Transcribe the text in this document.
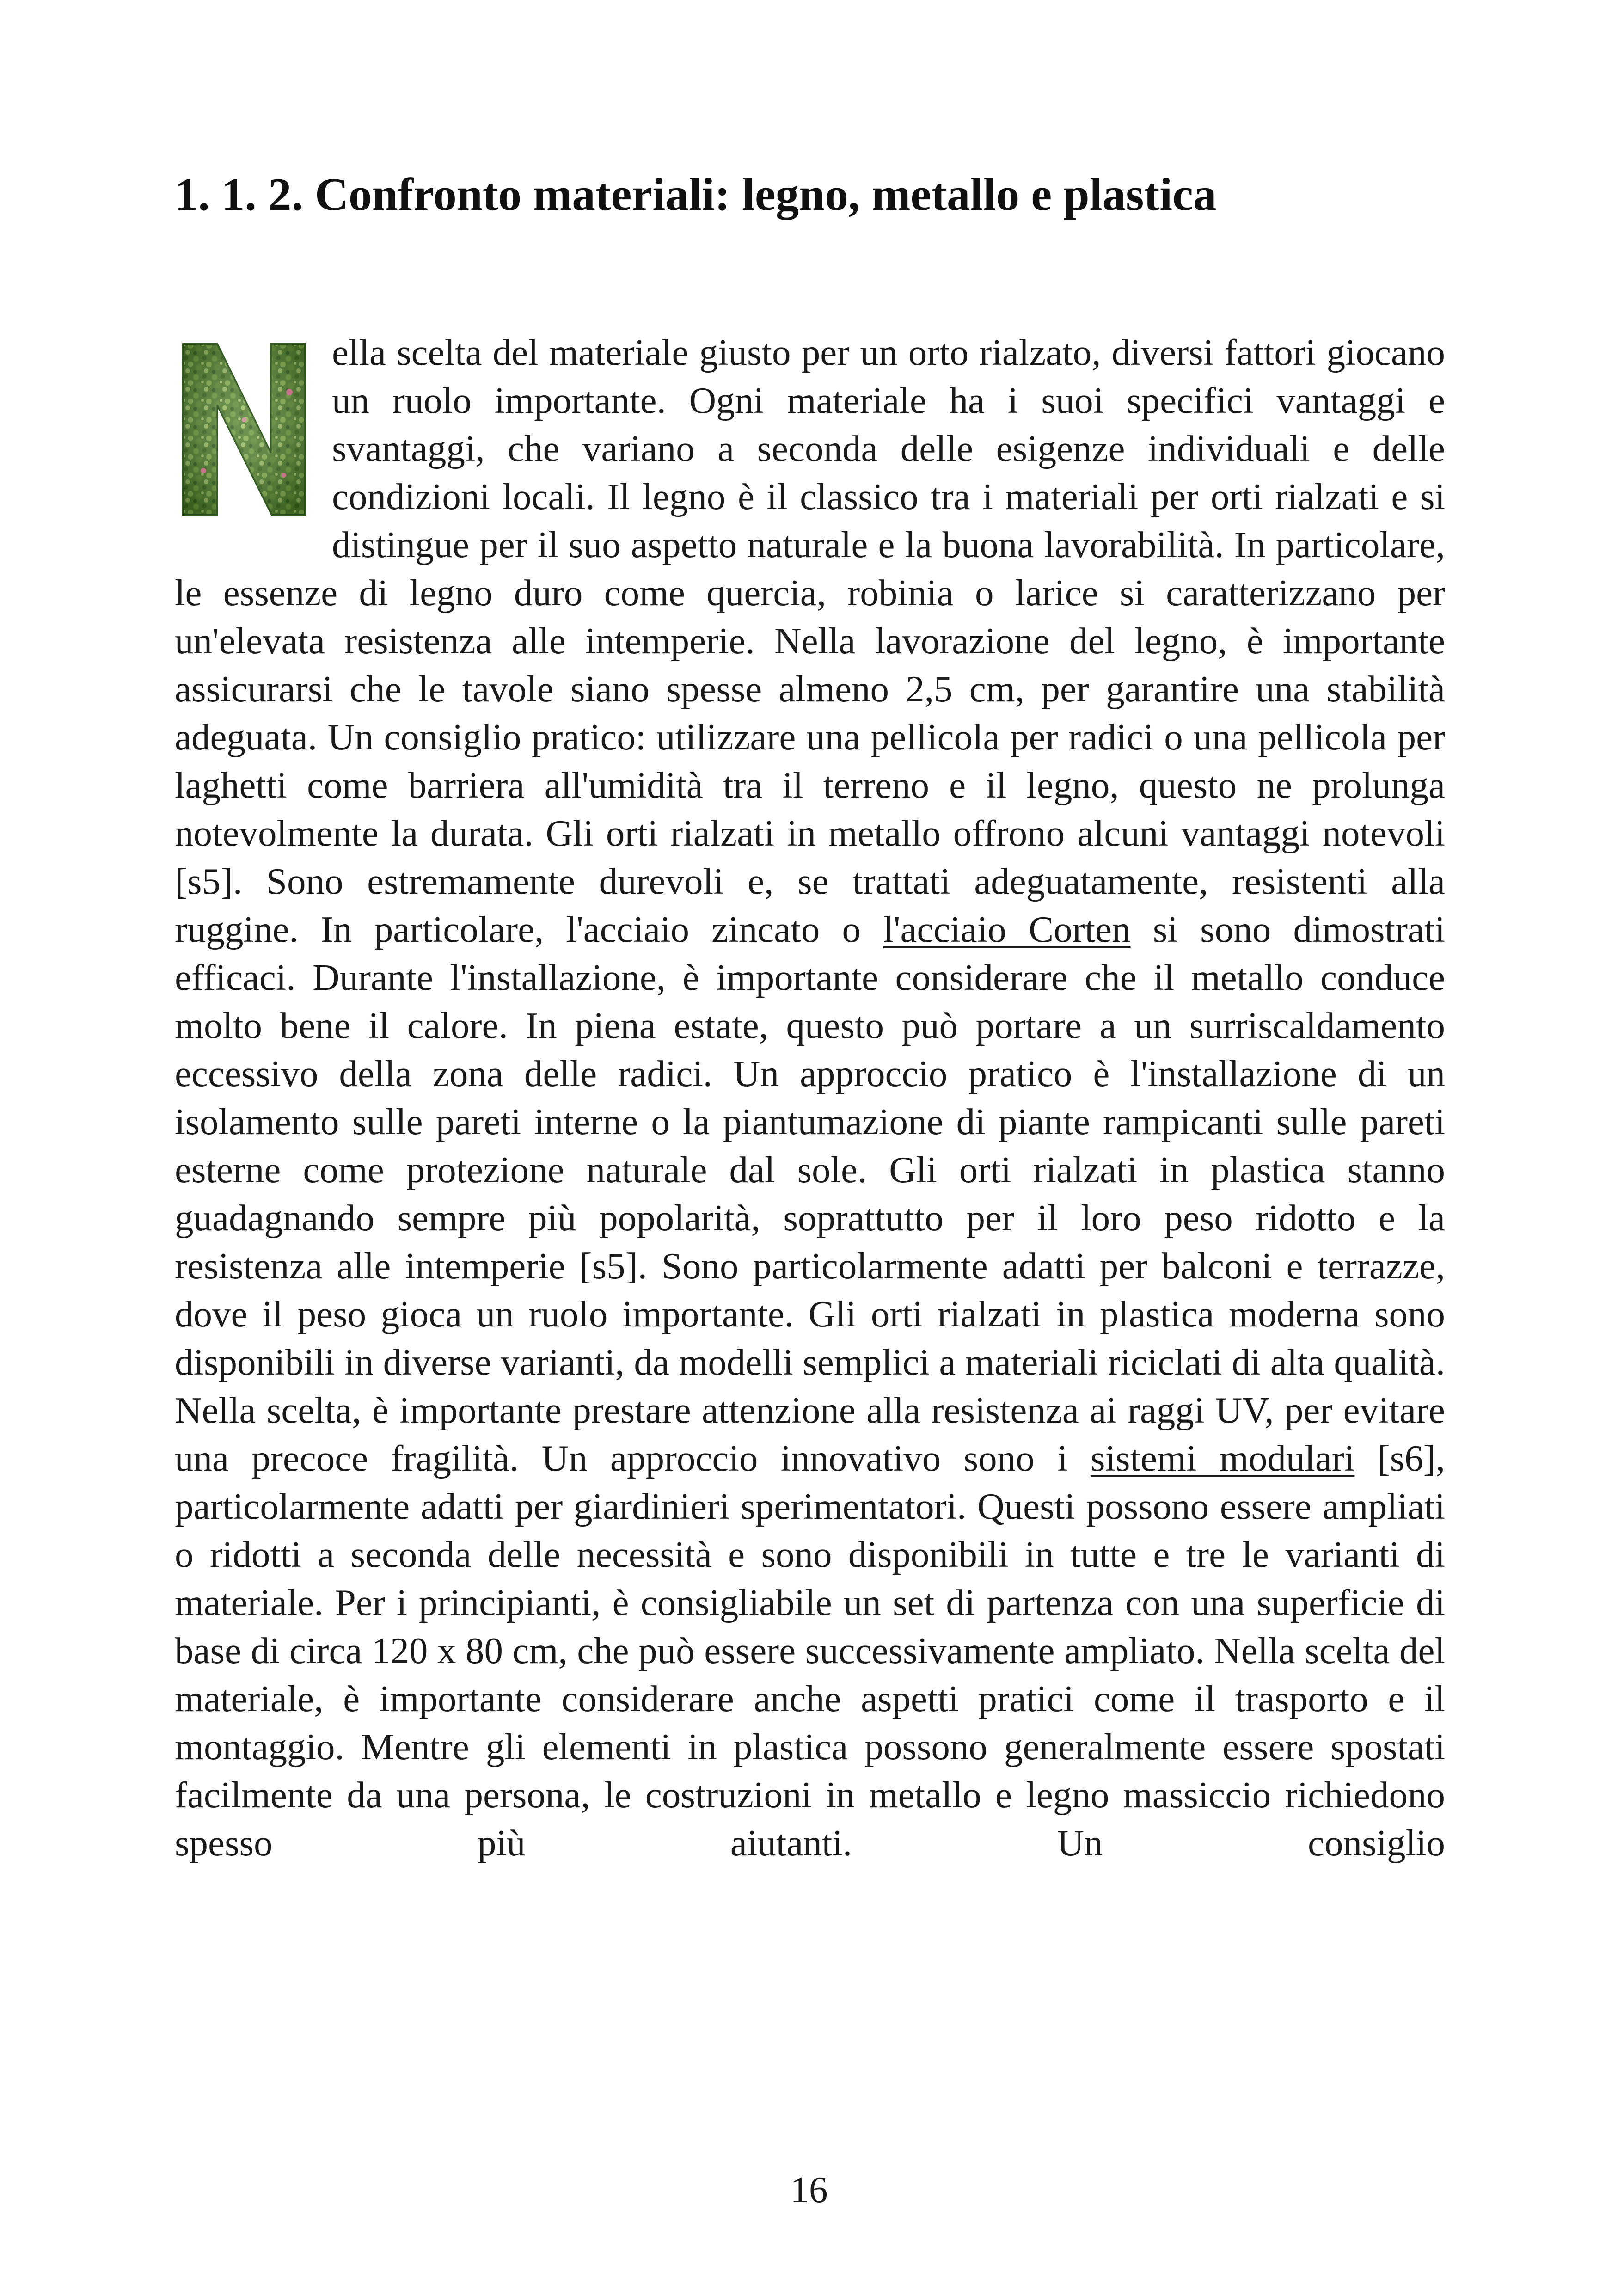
1. 1. 2. Confronto materiali: legno, metallo e plastica

ella scelta del materiale giusto per un orto rialzato, diversi fattori giocano un ruolo importante. Ogni materiale ha i suoi specifici vantaggi e svantaggi, che variano a seconda delle esigenze individuali e delle condizioni locali. Il legno è il classico tra i materiali per orti rialzati e si distingue per il suo aspetto naturale e la buona lavorabilità. In particolare, le essenze di legno duro come quercia, robinia o larice si caratterizzano per un'elevata resistenza alle intemperie. Nella lavorazione del legno, è importante assicurarsi che le tavole siano spesse almeno 2,5 cm, per garantire una stabilità adeguata. Un consiglio pratico: utilizzare una pellicola per radici o una pellicola per laghetti come barriera all'umidità tra il terreno e il legno, questo ne prolunga notevolmente la durata. Gli orti rialzati in metallo offrono alcuni vantaggi notevoli [s5]. Sono estremamente durevoli e, se trattati adeguatamente, resistenti alla ruggine. In particolare, l'acciaio zincato o l'acciaio Corten si sono dimostrati efficaci. Durante l'installazione, è importante considerare che il metallo conduce molto bene il calore. In piena estate, questo può portare a un surriscaldamento eccessivo della zona delle radici. Un approccio pratico è l'installazione di un isolamento sulle pareti interne o la piantumazione di piante rampicanti sulle pareti esterne come protezione naturale dal sole. Gli orti rialzati in plastica stanno guadagnando sempre più popolarità, soprattutto per il loro peso ridotto e la resistenza alle intemperie [s5]. Sono particolarmente adatti per balconi e terrazze, dove il peso gioca un ruolo importante. Gli orti rialzati in plastica moderna sono disponibili in diverse varianti, da modelli semplici a materiali riciclati di alta qualità. Nella scelta, è importante prestare attenzione alla resistenza ai raggi UV, per evitare una precoce fragilità. Un approccio innovativo sono i sistemi modulari [s6], particolarmente adatti per giardinieri sperimentatori. Questi possono essere ampliati o ridotti a seconda delle necessità e sono disponibili in tutte e tre le varianti di materiale. Per i principianti, è consigliabile un set di partenza con una superficie di base di circa 120 x 80 cm, che può essere successivamente ampliato. Nella scelta del materiale, è importante considerare anche aspetti pratici come il trasporto e il montaggio. Mentre gli elementi in plastica possono generalmente essere spostati facilmente da una persona, le costruzioni in metallo e legno massiccio richiedono spesso più aiutanti. Un consiglio

16
